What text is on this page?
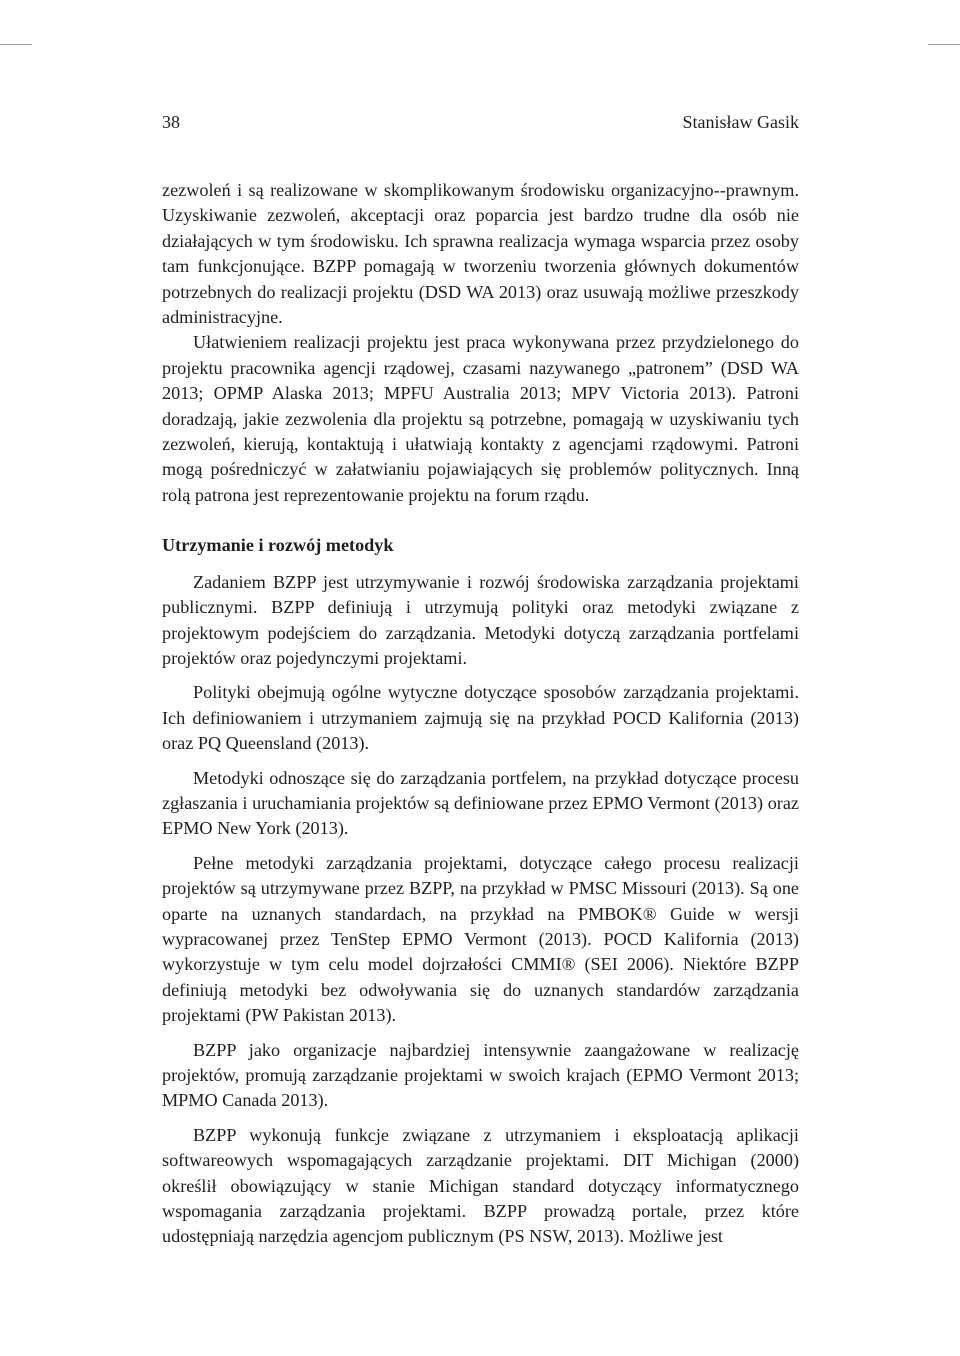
38	Stanisław Gasik

zezwoleń i są realizowane w skomplikowanym środowisku organizacyjno--prawnym. Uzyskiwanie zezwoleń, akceptacji oraz poparcia jest bardzo trudne dla osób nie działających w tym środowisku. Ich sprawna realizacja wymaga wsparcia przez osoby tam funkcjonujące. BZPP pomagają w tworzeniu tworzenia głównych dokumentów potrzebnych do realizacji projektu (DSD WA 2013) oraz usuwają możliwe przeszkody administracyjne.

Ułatwieniem realizacji projektu jest praca wykonywana przez przydzielonego do projektu pracownika agencji rządowej, czasami nazywanego „patronem” (DSD WA 2013; OPMP Alaska 2013; MPFU Australia 2013; MPV Victoria 2013). Patroni doradzają, jakie zezwolenia dla projektu są potrzebne, pomagają w uzyskiwaniu tych zezwoleń, kierują, kontaktują i ułatwiają kontakty z agencjami rządowymi. Patroni mogą pośredniczyć w załatwianiu pojawiających się problemów politycznych. Inną rolą patrona jest reprezentowanie projektu na forum rządu.

Utrzymanie i rozwój metodyk

Zadaniem BZPP jest utrzymywanie i rozwój środowiska zarządzania projektami publicznymi. BZPP definiują i utrzymują polityki oraz metodyki związane z projektowym podejściem do zarządzania. Metodyki dotyczą zarządzania portfelami projektów oraz pojedynczymi projektami.

Polityki obejmują ogólne wytyczne dotyczące sposobów zarządzania projektami. Ich definiowaniem i utrzymaniem zajmują się na przykład POCD Kalifornia (2013) oraz PQ Queensland (2013).

Metodyki odnoszące się do zarządzania portfelem, na przykład dotyczące procesu zgłaszania i uruchamiania projektów są definiowane przez EPMO Vermont (2013) oraz EPMO New York (2013).

Pełne metodyki zarządzania projektami, dotyczące całego procesu realizacji projektów są utrzymywane przez BZPP, na przykład w PMSC Missouri (2013). Są one oparte na uznanych standardach, na przykład na PMBOK® Guide w wersji wypracowanej przez TenStep EPMO Vermont (2013). POCD Kalifornia (2013) wykorzystuje w tym celu model dojrzałości CMMI® (SEI 2006). Niektóre BZPP definiują metodyki bez odwoływania się do uznanych standardów zarządzania projektami (PW Pakistan 2013).

BZPP jako organizacje najbardziej intensywnie zaangażowane w realizację projektów, promują zarządzanie projektami w swoich krajach (EPMO Vermont 2013; MPMO Canada 2013).

BZPP wykonują funkcje związane z utrzymaniem i eksploatacją aplikacji softwareowych wspomagających zarządzanie projektami. DIT Michigan (2000) określił obowiązujący w stanie Michigan standard dotyczący informatycznego wspomagania zarządzania projektami. BZPP prowadzą portale, przez które udostępniają narzędzia agencjom publicznym (PS NSW, 2013). Możliwe jest
